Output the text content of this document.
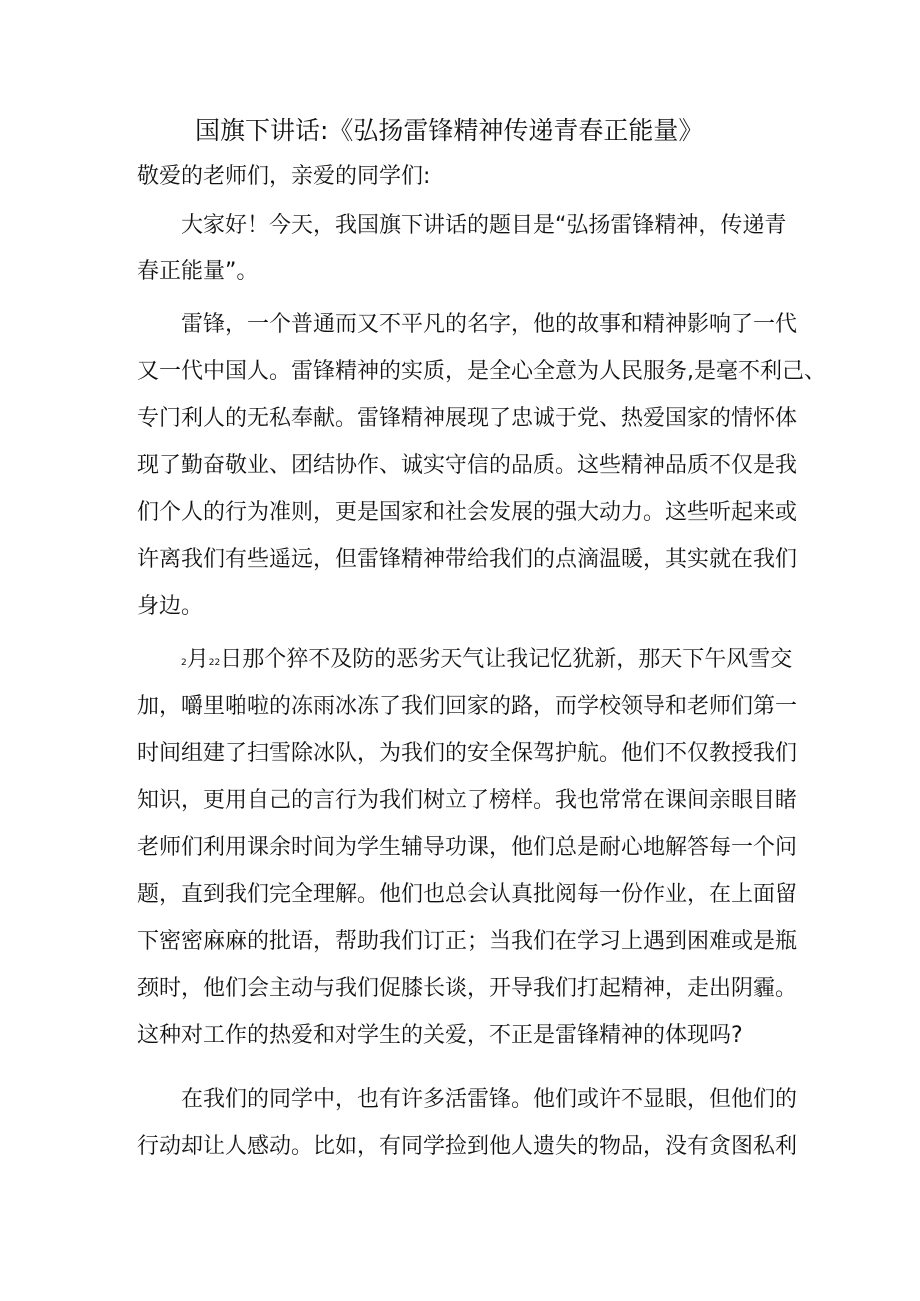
国旗下讲话:《弘扬雷锋精神传递青春正能量》
敬爱的老师们，亲爱的同学们:
大家好！今天，我国旗下讲话的题目是“弘扬雷锋精神，传递青
春正能量”。
雷锋，一个普通而又不平凡的名字，他的故事和精神影响了一代
又一代中国人。雷锋精神的实质，是全心全意为人民服务,是毫不利己、
专门利人的无私奉献。雷锋精神展现了忠诚于党、热爱国家的情怀体
现了勤奋敬业、团结协作、诚实守信的品质。这些精神品质不仅是我
们个人的行为准则，更是国家和社会发展的强大动力。这些听起来或
许离我们有些遥远，但雷锋精神带给我们的点滴温暖，其实就在我们
身边。
2月22日那个猝不及防的恶劣天气让我记忆犹新，那天下午风雪交
加，嚼里啪啦的冻雨冰冻了我们回家的路，而学校领导和老师们第一
时间组建了扫雪除冰队，为我们的安全保驾护航。他们不仅教授我们
知识，更用自己的言行为我们树立了榜样。我也常常在课间亲眼目睹
老师们利用课余时间为学生辅导功课，他们总是耐心地解答每一个问
题，直到我们完全理解。他们也总会认真批阅每一份作业，在上面留
下密密麻麻的批语，帮助我们订正；当我们在学习上遇到困难或是瓶
颈时，他们会主动与我们促膝长谈，开导我们打起精神，走出阴霾。
这种对工作的热爱和对学生的关爱，不正是雷锋精神的体现吗?
在我们的同学中，也有许多活雷锋。他们或许不显眼，但他们的
行动却让人感动。比如，有同学捡到他人遗失的物品，没有贪图私利
